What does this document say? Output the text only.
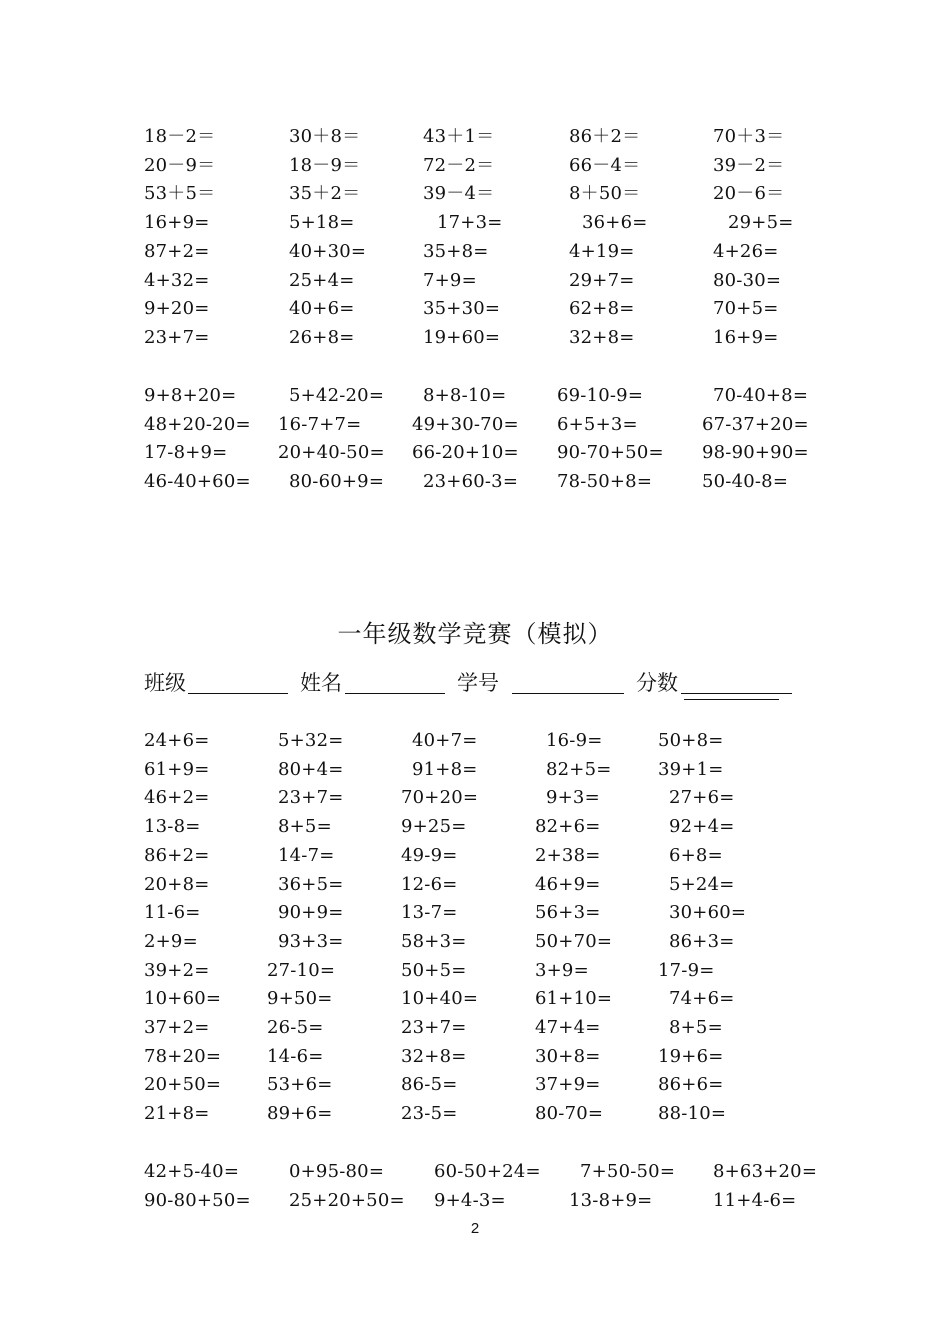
18－2＝	30＋8＝	43＋1＝	86＋2＝	70＋3＝
20－9＝	18－9＝	72－2＝	66－4＝	39－2＝
53＋5＝	35＋2＝	39－4＝	8＋50＝	20－6＝
16+9=	5+18=	17+3=	36+6=	29+5=
87+2=	40+30=	35+8=	4+19=	4+26=
4+32=	25+4=	7+9=	29+7=	80-30=
9+20=	40+6=	35+30=	62+8=	70+5=
23+7=	26+8=	19+60=	32+8=	16+9=
9+8+20=	5+42-20= 8+8-10=	69-10-9=	70-40+8=
48+20-20= 16-7+7=	49+30-70= 6+5+3=	67-37+20=
17-8+9=	20+40-50= 66-20+10= 90-70+50= 98-90+90=
46-40+60= 80-60+9= 23+60-3= 78-50+8=	50-40-8=
24+6=	5+32=	40+7=	16-9=	50+8=
61+9=	80+4=	91+8=	82+5=	39+1=
46+2=	23+7=	70+20=	9+3=	27+6=
13-8=	8+5=	9+25=	82+6=	92+4=
86+2=	14-7=	49-9=	2+38=	6+8=
20+8=	36+5=	12-6=	46+9=	5+24=
11-6=	90+9=	13-7=	56+3=	30+60=
2+9=	93+3=	58+3=	50+70=	86+3=
39+2=	27-10=	50+5=	3+9=	17-9=
10+60=	9+50=	10+40=	61+10=	74+6=
37+2=	26-5=	23+7=	47+4=	8+5=
78+20=	14-6=	32+8=	30+8=	19+6=
20+50=	53+6=	86-5=	37+9=	86+6=
21+8=	89+6=	23-5=	80-70=	88-10=
42+5-40=	0+95-80=	60-50+24= 7+50-50= 8+63+20=
90-80+50= 25+20+50= 9+4-3=	13-8+9=	11+4-6=
一年级数学竞赛（模拟）
班级	姓名	学号	分数
2
